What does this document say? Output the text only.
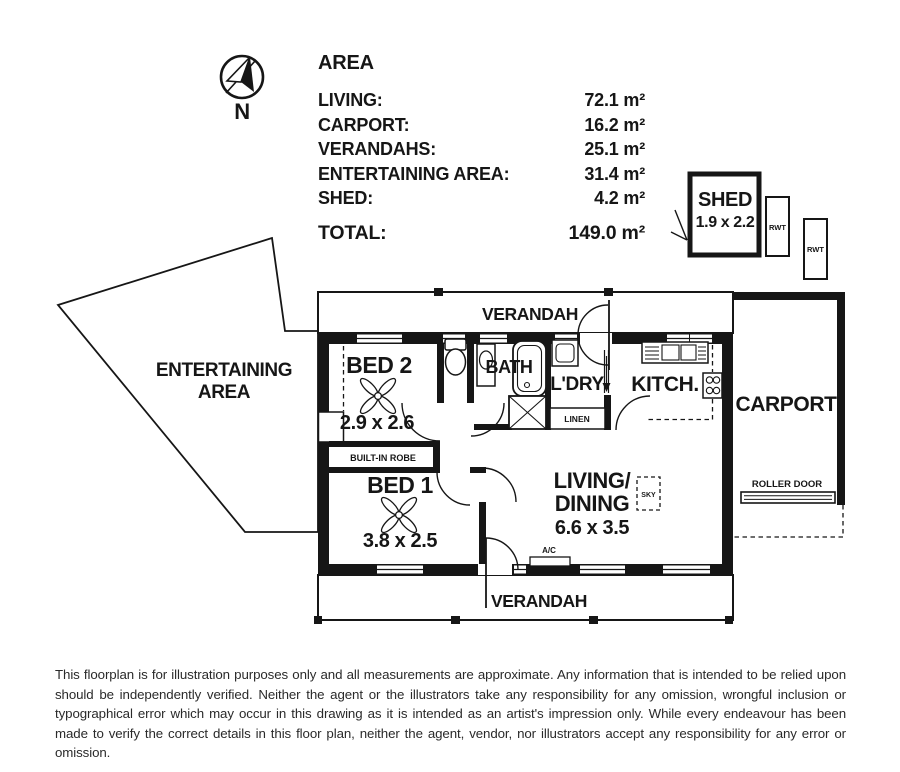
N
ENTERTAINING
AREA
SHED
1.9 x 2.2 RWT
RWT
VERANDAH
VERANDAH
ROLLER DOOR
CARPORT
LINEN
SKY
A/C
BUILT-IN ROBE
BED 2
2.9 x 2.6
BED 1
3.8 x 2.5
BATH
L'DRY KITCH.
LIVING/
DINING
6.6 x 3.5
AREA
LIVING:	72.1 m²
CARPORT:	16.2 m²
VERANDAHS:	25.1 m²
ENTERTAINING AREA:	31.4 m²
SHED:	4.2 m²
TOTAL:	149.0 m²
This floorplan is for illustration purposes only and all measurements are approximate. Any information that is intended to be relied upon should be independently verified. Neither the agent or the illustrators take any responsibility for any omission, wrongful inclusion or typographical error which may occur in this drawing as it is intended as an artist's impression only. While every endeavour has been made to verify the correct details in this floor plan, neither the agent, vendor, nor illustrators accept any responsibility for any error or omission.
